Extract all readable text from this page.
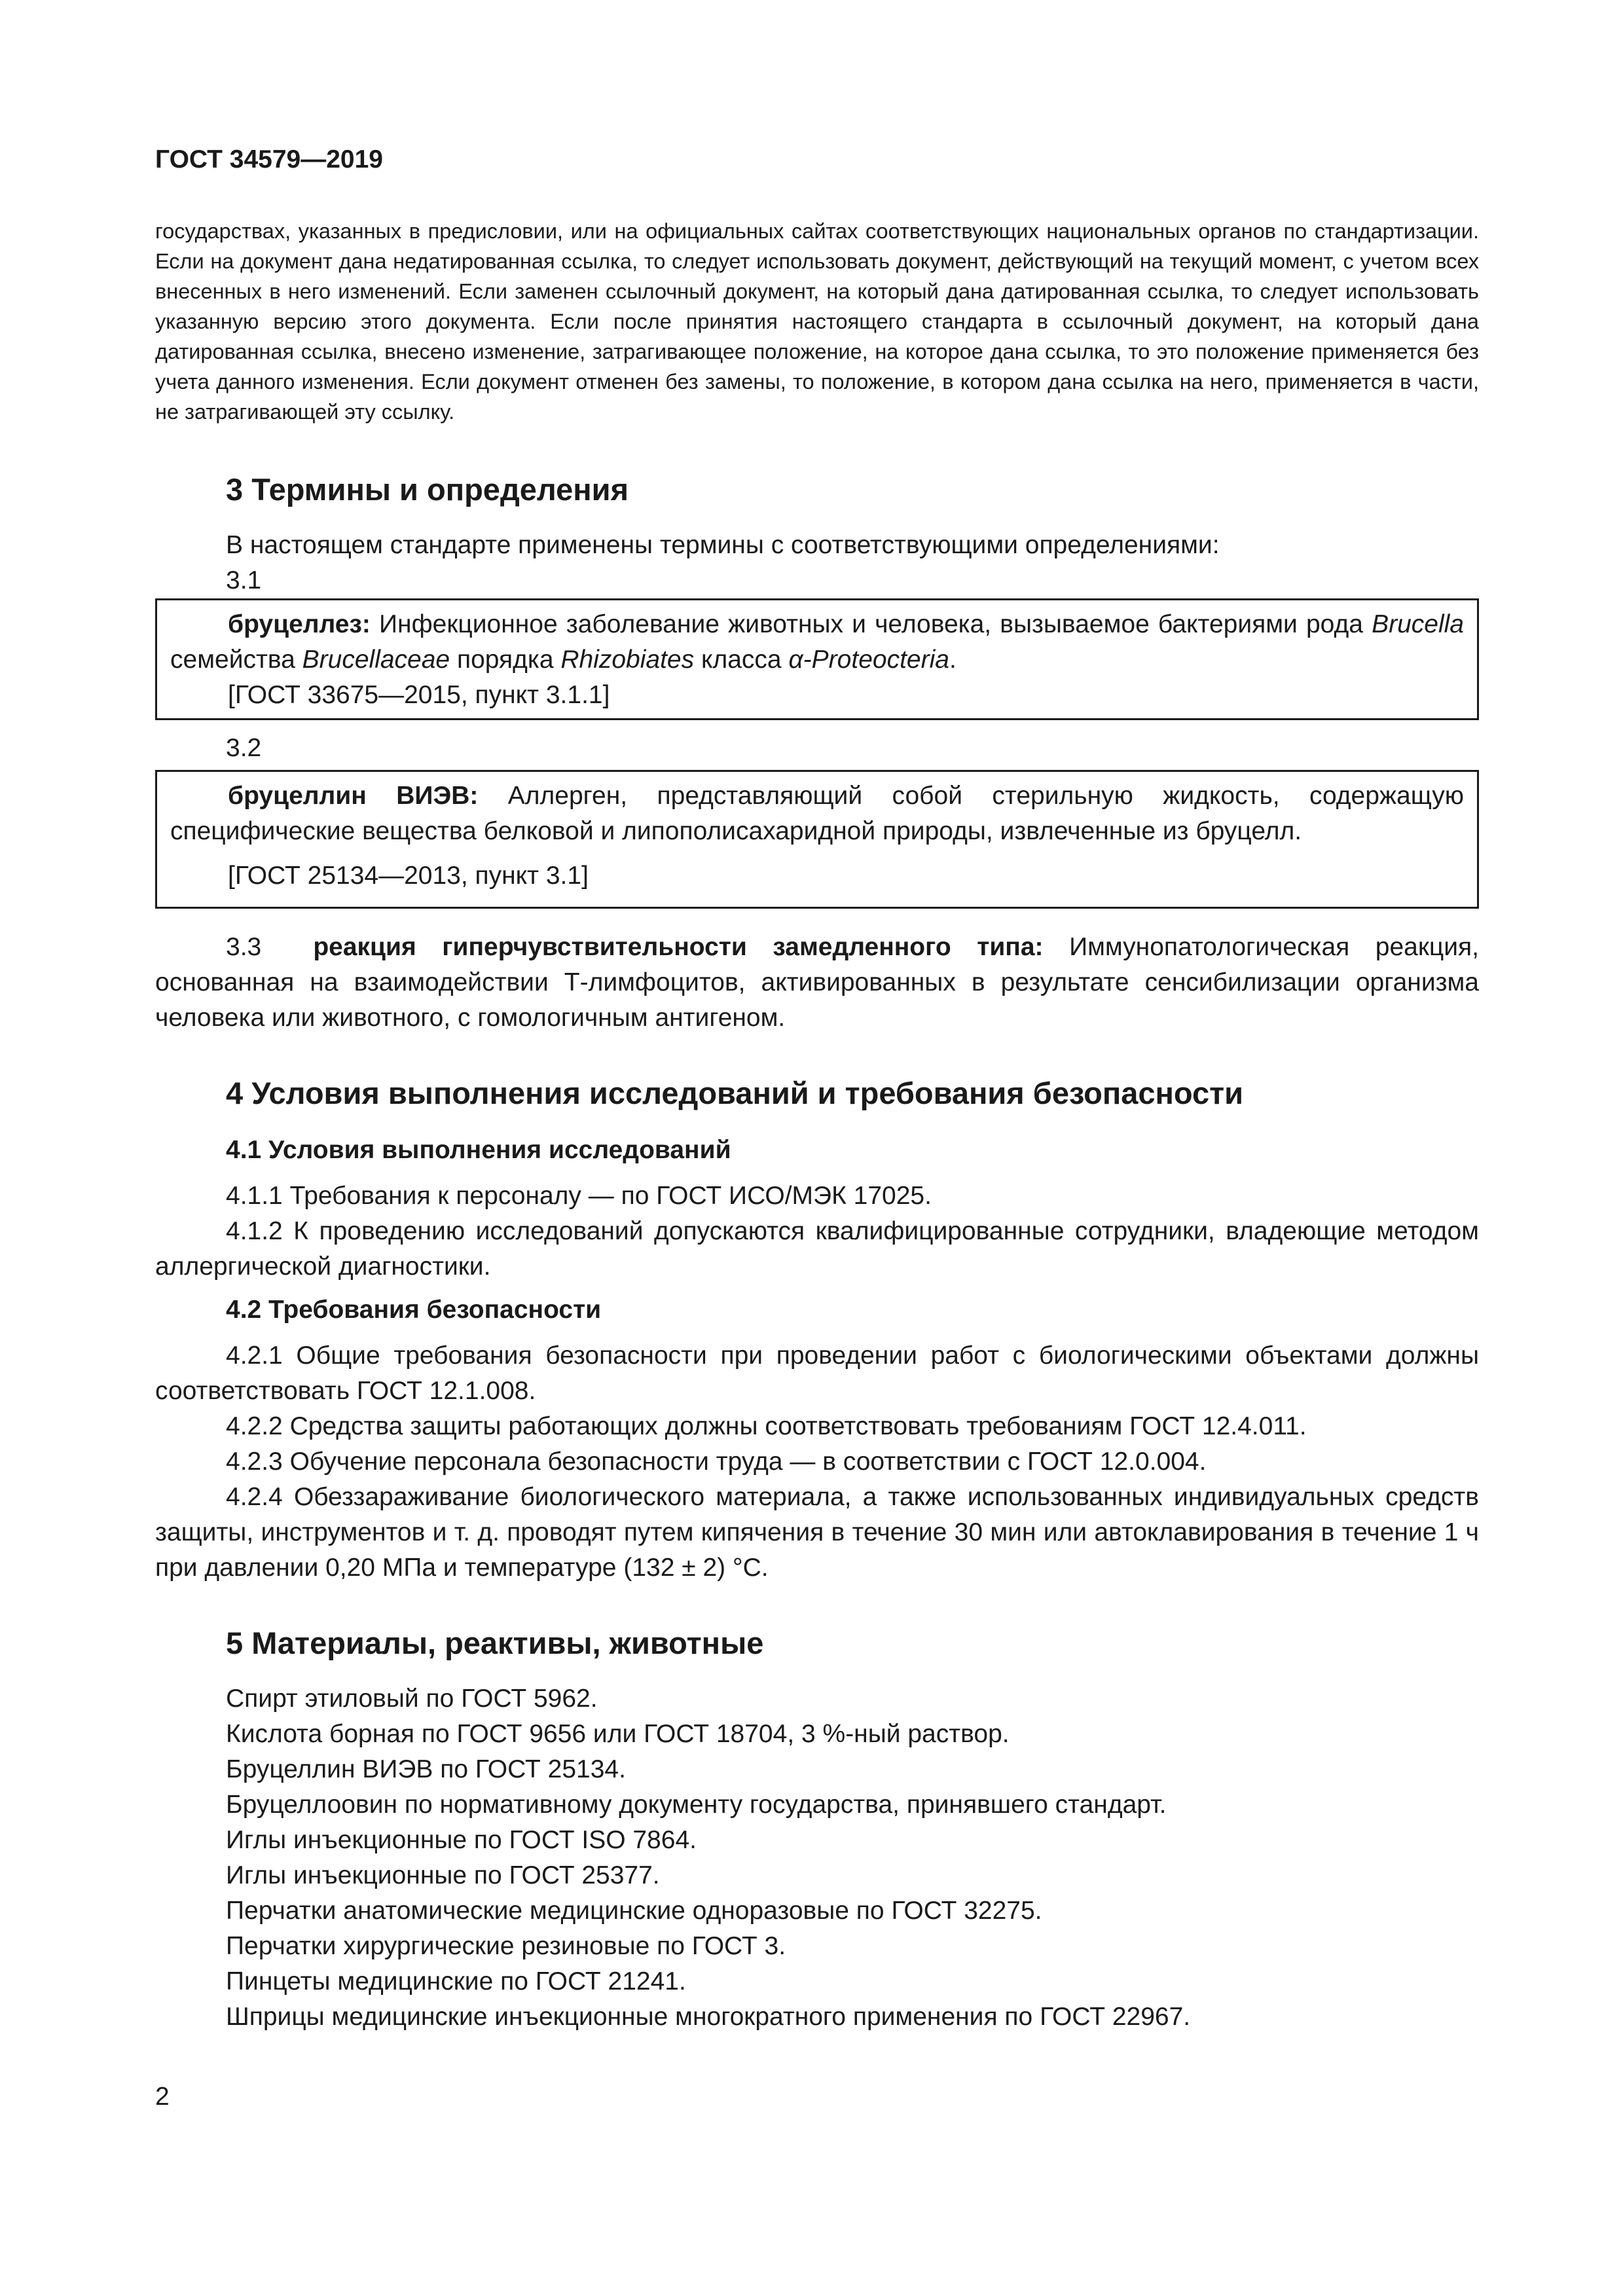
ГОСТ 34579—2019

государствах, указанных в предисловии, или на официальных сайтах соответствующих национальных органов по стандартизации. Если на документ дана недатированная ссылка, то следует использовать документ, действующий на текущий момент, с учетом всех внесенных в него изменений. Если заменен ссылочный документ, на который дана датированная ссылка, то следует использовать указанную версию этого документа. Если после принятия настоящего стандарта в ссылочный документ, на который дана датированная ссылка, внесено изменение, затрагивающее положение, на которое дана ссылка, то это положение применяется без учета данного изменения. Если документ отменен без замены, то положение, в котором дана ссылка на него, применяется в части, не затрагивающей эту ссылку.

3 Термины и определения

В настоящем стандарте применены термины с соответствующими определениями:

3.1

бруцеллез: Инфекционное заболевание животных и человека, вызываемое бактериями рода Brucella семейства Brucellaceae порядка Rhizobiates класса α-Proteocteria.

[ГОСТ 33675—2015, пункт 3.1.1]

3.2

бруцеллин ВИЭВ: Аллерген, представляющий собой стерильную жидкость, содержащую специфические вещества белковой и липополисахаридной природы, извлеченные из бруцелл.

[ГОСТ 25134—2013, пункт 3.1]

3.3 реакция гиперчувствительности замедленного типа: Иммунопатологическая реакция, основанная на взаимодействии Т-лимфоцитов, активированных в результате сенсибилизации организма человека или животного, с гомологичным антигеном.

4 Условия выполнения исследований и требования безопасности
4.1 Условия выполнения исследований

4.1.1 Требования к персоналу — по ГОСТ ИСО/МЭК 17025.

4.1.2 К проведению исследований допускаются квалифицированные сотрудники, владеющие методом аллергической диагностики.

4.2 Требования безопасности

4.2.1 Общие требования безопасности при проведении работ с биологическими объектами должны соответствовать ГОСТ 12.1.008.

4.2.2 Средства защиты работающих должны соответствовать требованиям ГОСТ 12.4.011.

4.2.3 Обучение персонала безопасности труда — в соответствии с ГОСТ 12.0.004.

4.2.4 Обеззараживание биологического материала, а также использованных индивидуальных средств защиты, инструментов и т. д. проводят путем кипячения в течение 30 мин или автоклавирования в течение 1 ч при давлении 0,20 МПа и температуре (132 ± 2) °С.

5 Материалы, реактивы, животные

Спирт этиловый по ГОСТ 5962.

Кислота борная по ГОСТ 9656 или ГОСТ 18704, 3 %-ный раствор.

Бруцеллин ВИЭВ по ГОСТ 25134.

Бруцеллоовин по нормативному документу государства, принявшего стандарт.

Иглы инъекционные по ГОСТ ISO 7864.

Иглы инъекционные по ГОСТ 25377.

Перчатки анатомические медицинские одноразовые по ГОСТ 32275.

Перчатки хирургические резиновые по ГОСТ 3.

Пинцеты медицинские по ГОСТ 21241.

Шприцы медицинские инъекционные многократного применения по ГОСТ 22967.

2
